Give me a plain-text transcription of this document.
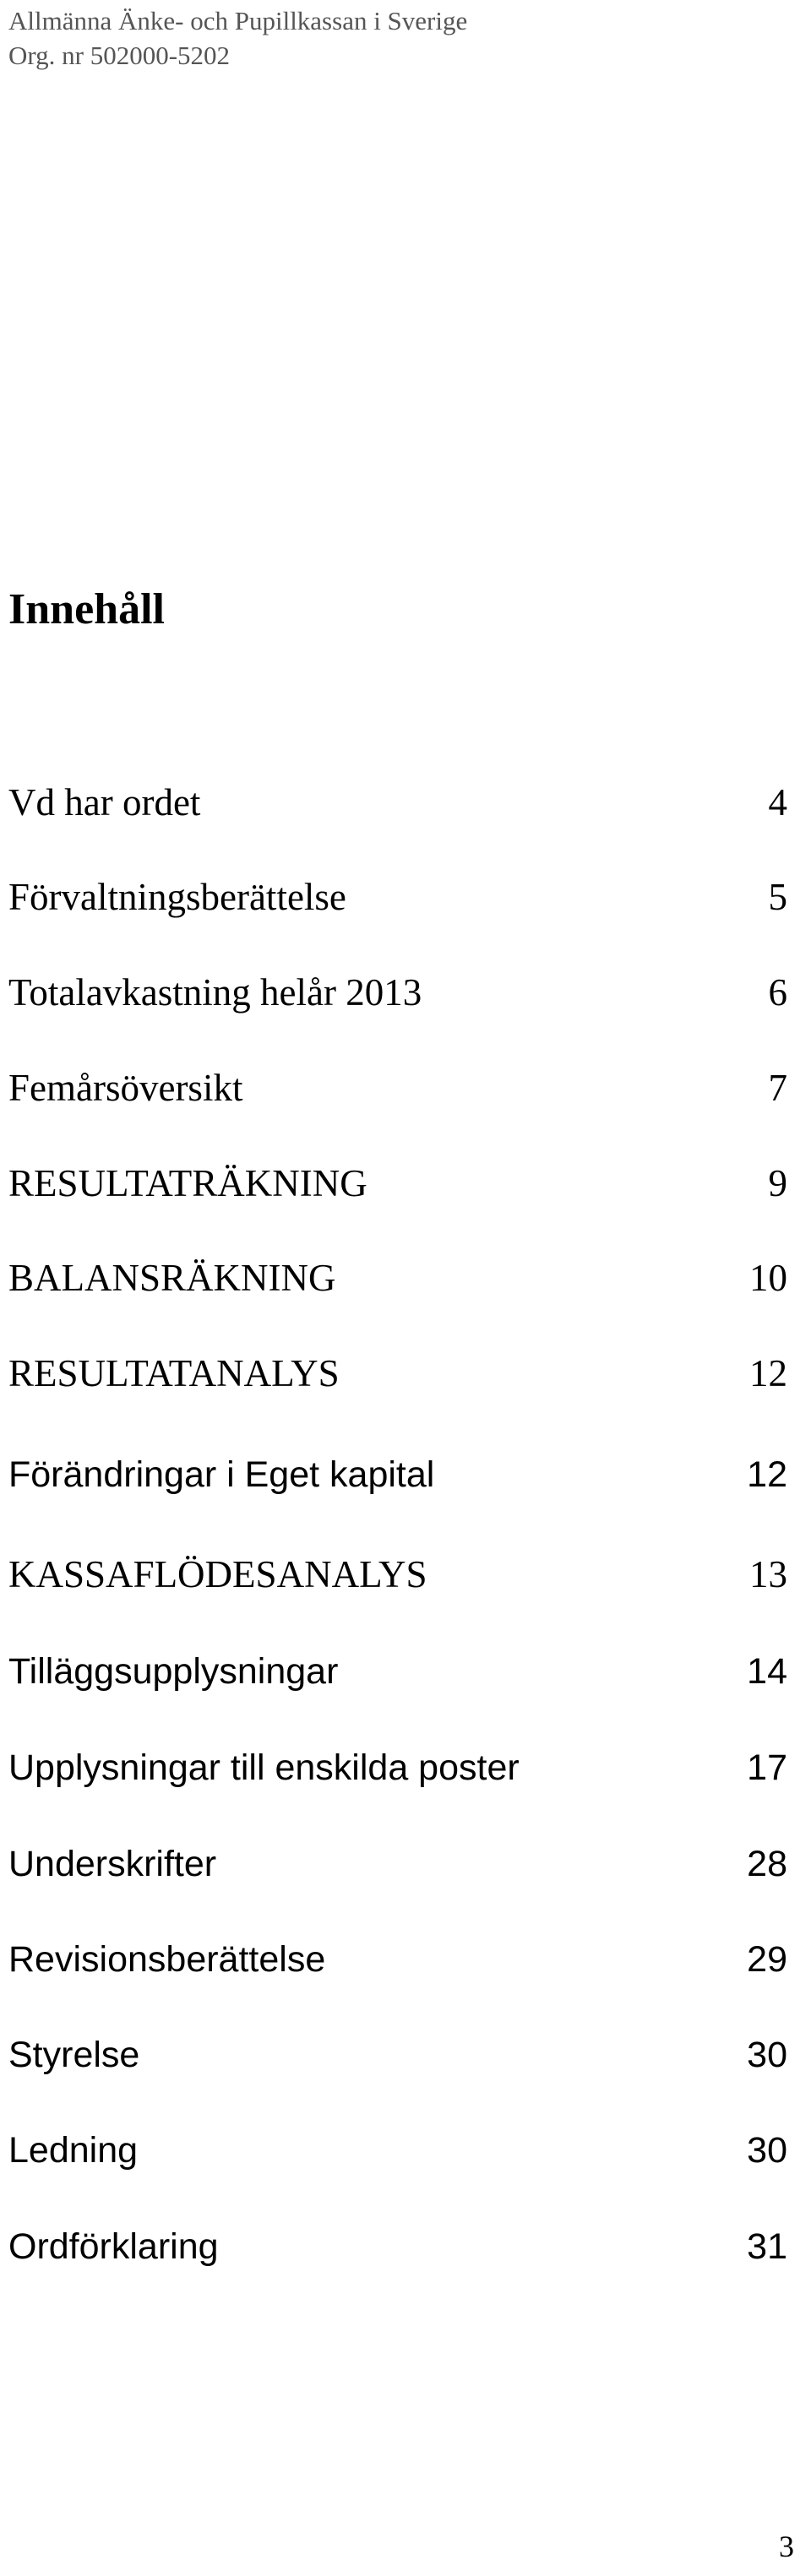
Allmänna Änke- och Pupillkassan i Sverige
Org. nr 502000-5202
Innehåll
Vd har ordet	4
Förvaltningsberättelse	5
Totalavkastning helår 2013	6
Femårsöversikt	7
RESULTATRÄKNING	9
BALANSRÄKNING	10
RESULTATANALYS	12
Förändringar i Eget kapital	12
KASSAFLÖDESANALYS	13
Tilläggsupplysningar	14
Upplysningar till enskilda poster	17
Underskrifter	28
Revisionsberättelse	29
Styrelse	30
Ledning	30
Ordförklaring	31
3
